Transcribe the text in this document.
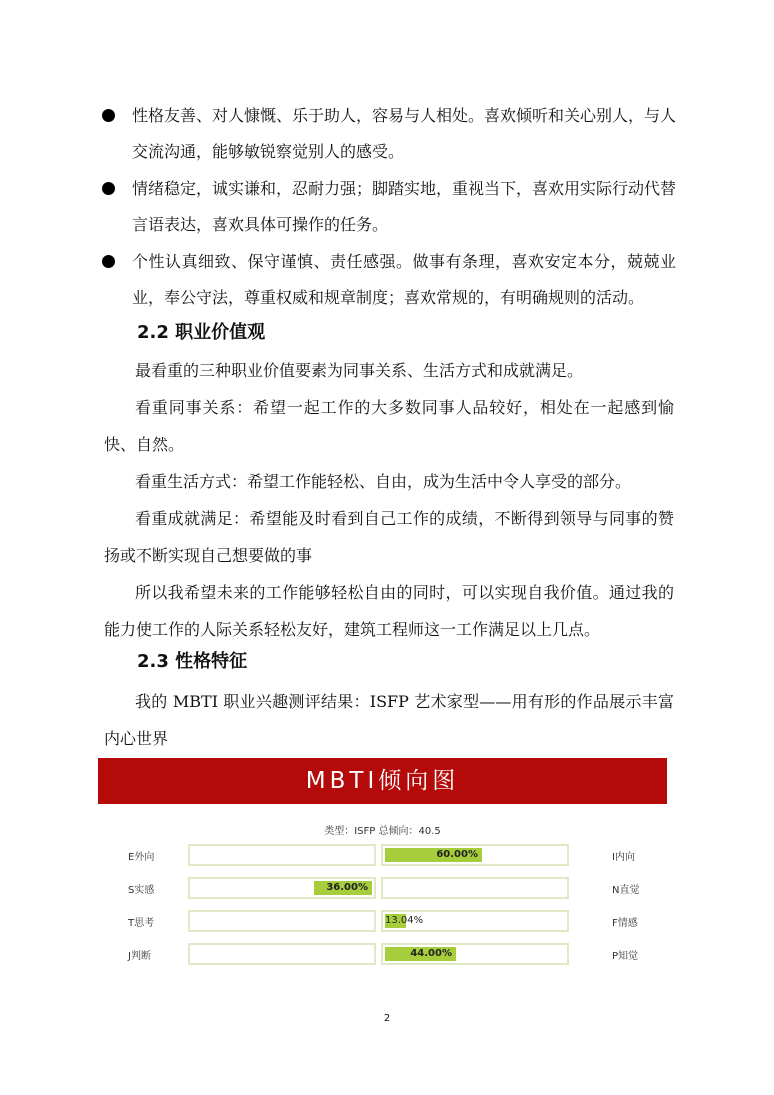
性格友善、对人慷慨、乐于助人，容易与人相处。喜欢倾听和关心别人，与人交流沟通，能够敏锐察觉别人的感受。
情绪稳定，诚实谦和，忍耐力强；脚踏实地，重视当下，喜欢用实际行动代替言语表达，喜欢具体可操作的任务。
个性认真细致、保守谨慎、责任感强。做事有条理，喜欢安定本分，兢兢业业，奉公守法，尊重权威和规章制度；喜欢常规的，有明确规则的活动。
2.2 职业价值观
最看重的三种职业价值要素为同事关系、生活方式和成就满足。
看重同事关系：希望一起工作的大多数同事人品较好，相处在一起感到愉快、自然。
看重生活方式：希望工作能轻松、自由，成为生活中令人享受的部分。
看重成就满足：希望能及时看到自己工作的成绩，不断得到领导与同事的赞扬或不断实现自己想要做的事
所以我希望未来的工作能够轻松自由的同时，可以实现自我价值。通过我的能力使工作的人际关系轻松友好，建筑工程师这一工作满足以上几点。
2.3 性格特征
我的 MBTI 职业兴趣测评结果：ISFP 艺术家型——用有形的作品展示丰富内心世界
MBTI倾向图
类型：ISFP 总倾向：40.5
E外向	I内向
60.00%
S实感	N直觉
36.00%
T思考	F情感
13.04%
J判断	P知觉
44.00%
2
